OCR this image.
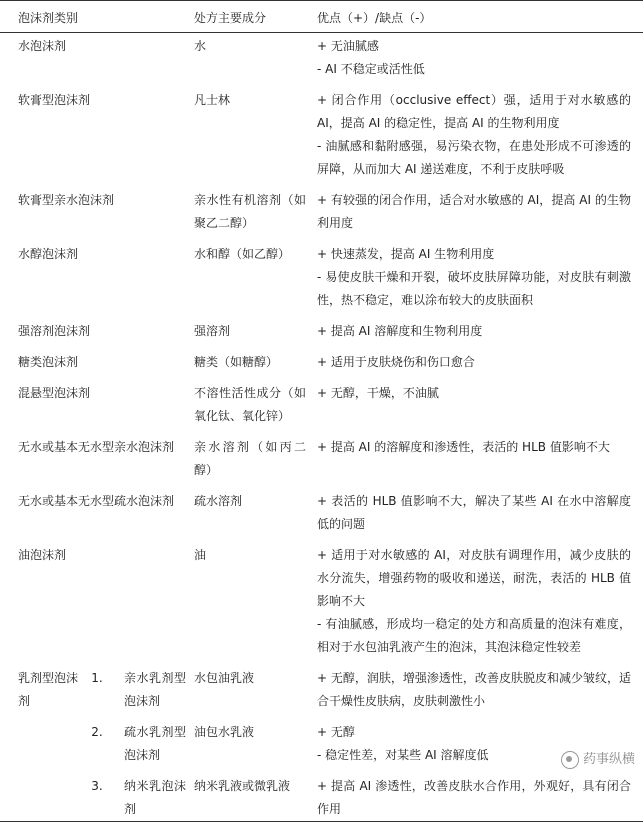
泡沫剂类别	处方主要成分	优点（+）/缺点（-）
水泡沫剂	水	+ 无油腻感
- AI 不稳定或活性低

软膏型泡沫剂	凡士林	+ 闭合作用（occlusive effect）强，适用于对水敏感的 AI，提高 AI 的稳定性，提高 AI 的生物利用度
- 油腻感和黏附感强，易污染衣物，在患处形成不可渗透的屏障，从而加大 AI 递送难度，不利于皮肤呼吸

软膏型亲水泡沫剂	亲水性有机溶剂（如聚乙二醇）	+ 有较强的闭合作用，适合对水敏感的 AI，提高 AI 的生物利用度

水醇泡沫剂	水和醇（如乙醇）	+ 快速蒸发，提高 AI 生物利用度
- 易使皮肤干燥和开裂，破坏皮肤屏障功能，对皮肤有刺激性，热不稳定，难以涂布较大的皮肤面积

强溶剂泡沫剂	强溶剂	+ 提高 AI 溶解度和生物利用度

糖类泡沫剂	糖类（如糖醇）	+ 适用于皮肤烧伤和伤口愈合

混悬型泡沫剂	不溶性活性成分（如氧化钛、氧化锌）	+ 无醇，干燥，不油腻

无水或基本无水型亲水泡沫剂	亲水溶剂（如丙二醇）	+ 提高 AI 的溶解度和渗透性，表活的 HLB 值影响不大

无水或基本无水型疏水泡沫剂	疏水溶剂	+ 表活的 HLB 值影响不大，解决了某些 AI 在水中溶解度低的问题

油泡沫剂	油	+ 适用于对水敏感的 AI，对皮肤有调理作用，减少皮肤的水分流失，增强药物的吸收和递送，耐洗，表活的 HLB 值影响不大
- 有油腻感，形成均一稳定的处方和高质量的泡沫有难度，相对于水包油乳液产生的泡沫，其泡沫稳定性较差

乳剂型泡沫剂
1. 亲水乳剂型泡沫剂	水包油乳液	+ 无醇，润肤，增强渗透性，改善皮肤脱皮和减少皱纹，适合干燥性皮肤病，皮肤刺激性小

2. 疏水乳剂型泡沫剂	油包水乳液	+ 无醇
- 稳定性差，对某些 AI 溶解度低

3. 纳米乳泡沫剂	纳米乳液或微乳液	+ 提高 AI 渗透性，改善皮肤水合作用，外观好，具有闭合作用
药事纵横
